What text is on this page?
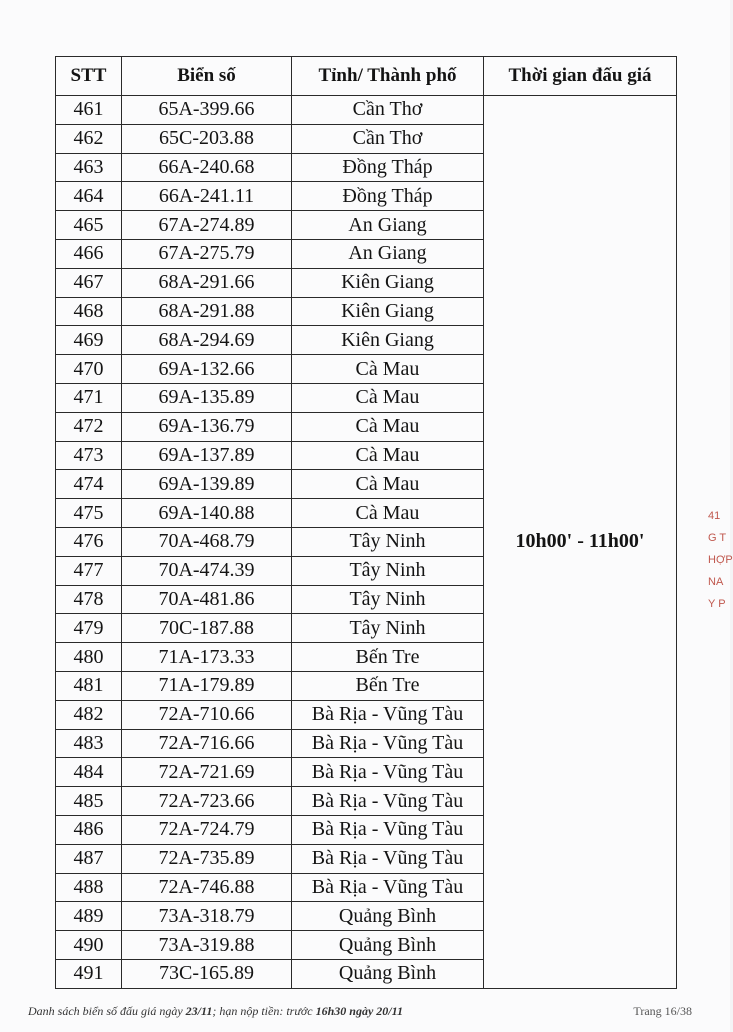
STT	Biển số	Tỉnh/ Thành phố	Thời gian đấu giá
461	65A-399.66	Cần Thơ	10h00' - 11h00'
462	65C-203.88	Cần Thơ	
463	66A-240.68	Đồng Tháp	
464	66A-241.11	Đồng Tháp	
465	67A-274.89	An Giang	
466	67A-275.79	An Giang	
467	68A-291.66	Kiên Giang	
468	68A-291.88	Kiên Giang	
469	68A-294.69	Kiên Giang	
470	69A-132.66	Cà Mau	
471	69A-135.89	Cà Mau	
472	69A-136.79	Cà Mau	
473	69A-137.89	Cà Mau	
474	69A-139.89	Cà Mau	
475	69A-140.88	Cà Mau	
476	70A-468.79	Tây Ninh	
477	70A-474.39	Tây Ninh	
478	70A-481.86	Tây Ninh	
479	70C-187.88	Tây Ninh	
480	71A-173.33	Bến Tre	
481	71A-179.89	Bến Tre	
482	72A-710.66	Bà Rịa - Vũng Tàu	
483	72A-716.66	Bà Rịa - Vũng Tàu	
484	72A-721.69	Bà Rịa - Vũng Tàu	
485	72A-723.66	Bà Rịa - Vũng Tàu	
486	72A-724.79	Bà Rịa - Vũng Tàu	
487	72A-735.89	Bà Rịa - Vũng Tàu	
488	72A-746.88	Bà Rịa - Vũng Tàu	
489	73A-318.79	Quảng Bình	
490	73A-319.88	Quảng Bình	
491	73C-165.89	Quảng Bình	
Danh sách biển số đấu giá ngày 23/11; hạn nộp tiền: trước 16h30 ngày 20/11	Trang 16/38
41
G T
HỢP
NA
Y P
